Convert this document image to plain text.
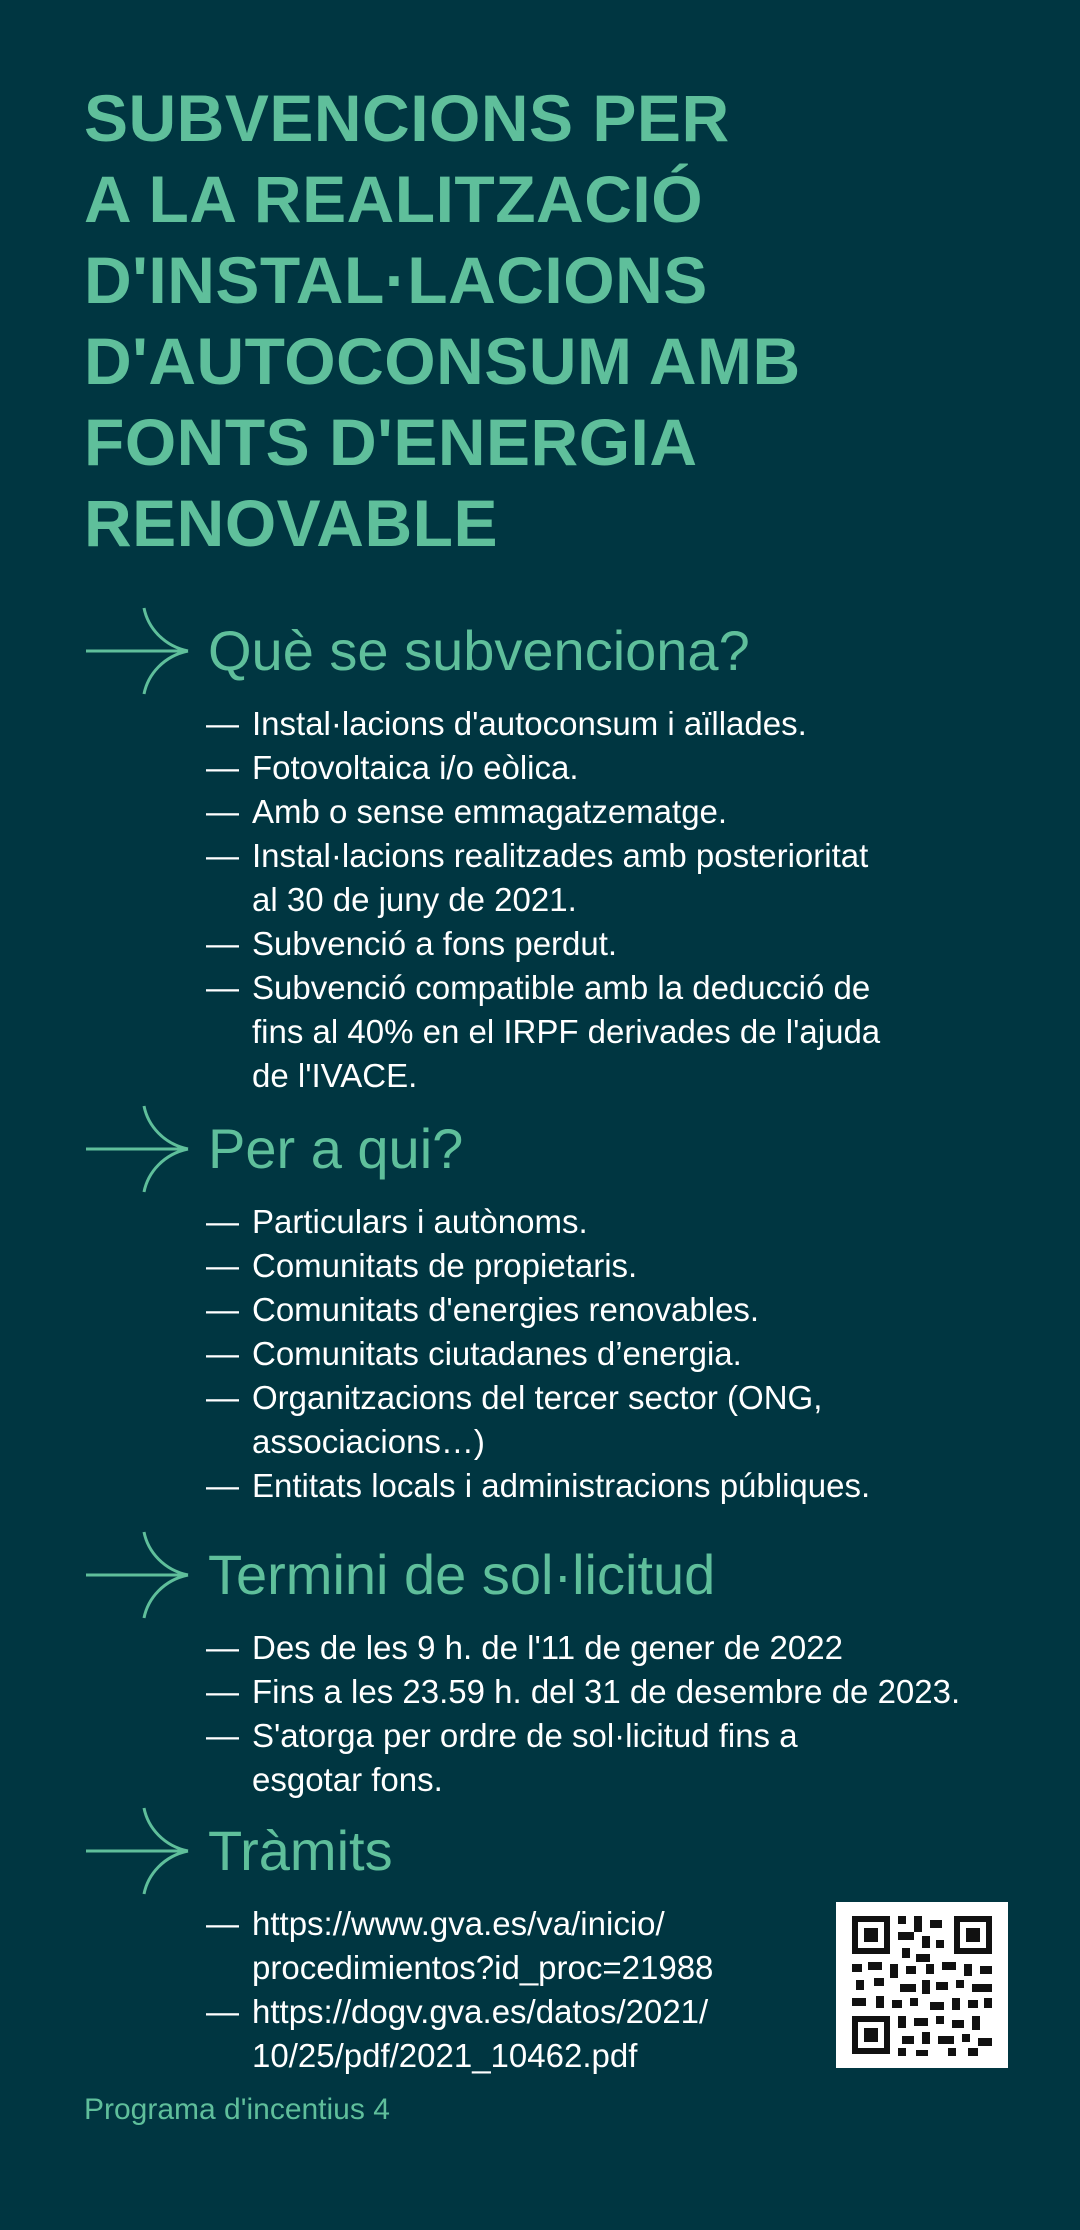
SUBVENCIONS PER
A LA REALITZACIÓ
D'INSTAL·LACIONS
D'AUTOCONSUM AMB
FONTS D'ENERGIA
RENOVABLE
Què se subvenciona?
— Instal·lacions d'autoconsum i aïllades.
— Fotovoltaica i/o eòlica.
— Amb o sense emmagatzematge.
— Instal·lacions realitzades amb posterioritat
al 30 de juny de 2021.
— Subvenció a fons perdut.
— Subvenció compatible amb la deducció de
fins al 40% en el IRPF derivades de l'ajuda
de l'IVACE.
Per a qui?
— Particulars i autònoms.
— Comunitats de propietaris.
— Comunitats d'energies renovables.
— Comunitats ciutadanes d’energia.
— Organitzacions del tercer sector (ONG,
associacions…)
— Entitats locals i administracions públiques.
Termini de sol·licitud
— Des de les 9 h. de l'11 de gener de 2022
— Fins a les 23.59 h. del 31 de desembre de 2023.
— S'atorga per ordre de sol·licitud fins a
esgotar fons.
Tràmits
— https://www.gva.es/va/inicio/
procedimientos?id_proc=21988
— https://dogv.gva.es/datos/2021/
10/25/pdf/2021_10462.pdf
Programa d'incentius 4
